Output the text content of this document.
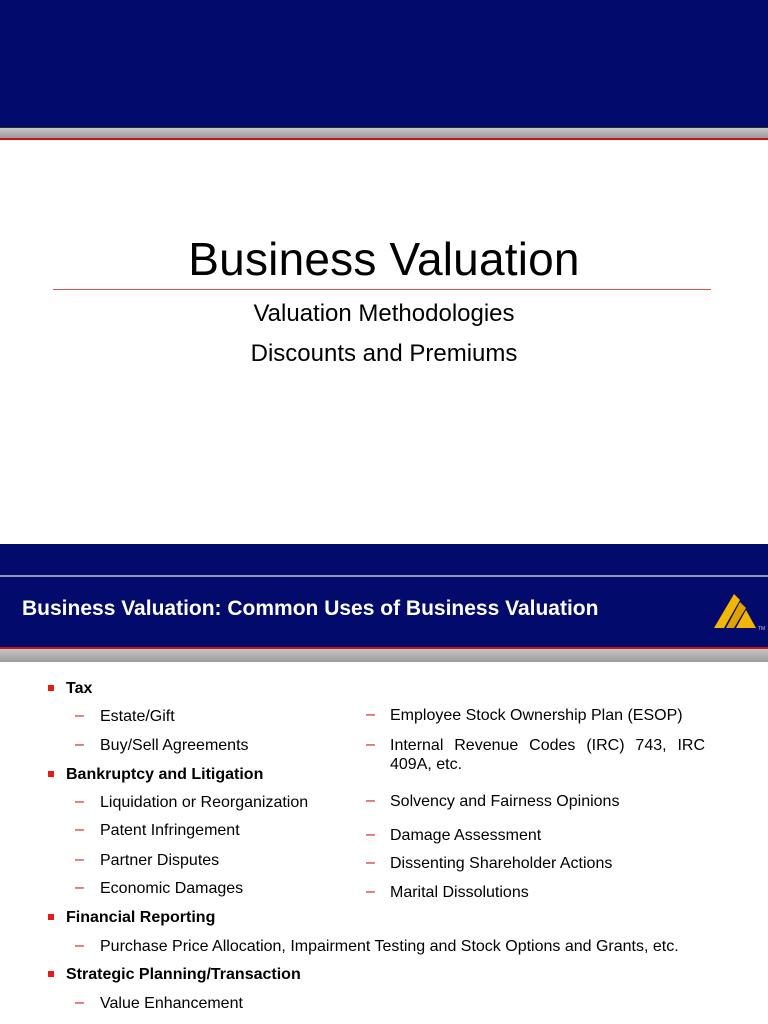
Business Valuation
Valuation Methodologies
Discounts and Premiums
Business Valuation: Common Uses of Business Valuation
TM
Tax
– Estate/Gift
– Buy/Sell Agreements
– Employee Stock Ownership Plan (ESOP)
– Internal Revenue Codes (IRC) 743, IRC 409A, etc.
Bankruptcy and Litigation
– Liquidation or Reorganization
– Patent Infringement
– Partner Disputes
– Economic Damages
– Solvency and Fairness Opinions
– Damage Assessment
– Dissenting Shareholder Actions
– Marital Dissolutions
Financial Reporting
– Purchase Price Allocation, Impairment Testing and Stock Options and Grants, etc.
Strategic Planning/Transaction
– Value Enhancement
